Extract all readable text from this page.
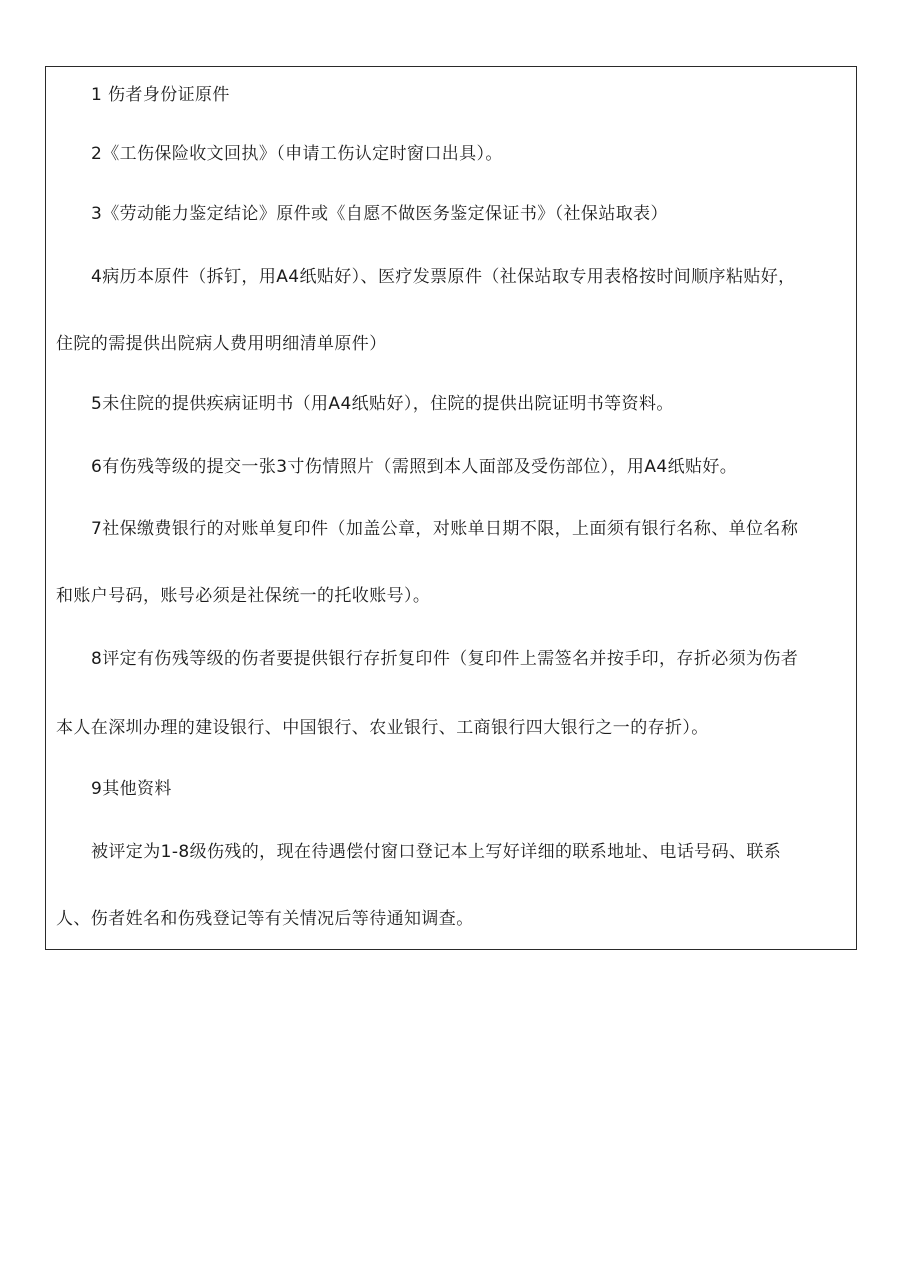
1 伤者身份证原件

2《工伤保险收文回执》（申请工伤认定时窗口出具）。

3《劳动能力鉴定结论》原件或《自愿不做医务鉴定保证书》（社保站取表）

4病历本原件（拆钉，用A4纸贴好）、医疗发票原件（社保站取专用表格按时间顺序粘贴好，

住院的需提供出院病人费用明细清单原件）

5未住院的提供疾病证明书（用A4纸贴好），住院的提供出院证明书等资料。

6有伤残等级的提交一张3寸伤情照片（需照到本人面部及受伤部位），用A4纸贴好。

7社保缴费银行的对账单复印件（加盖公章，对账单日期不限，上面须有银行名称、单位名称

和账户号码，账号必须是社保统一的托收账号）。

8评定有伤残等级的伤者要提供银行存折复印件（复印件上需签名并按手印，存折必须为伤者

本人在深圳办理的建设银行、中国银行、农业银行、工商银行四大银行之一的存折）。

9其他资料

被评定为1-8级伤残的，现在待遇偿付窗口登记本上写好详细的联系地址、电话号码、联系

人、伤者姓名和伤残登记等有关情况后等待通知调查。
